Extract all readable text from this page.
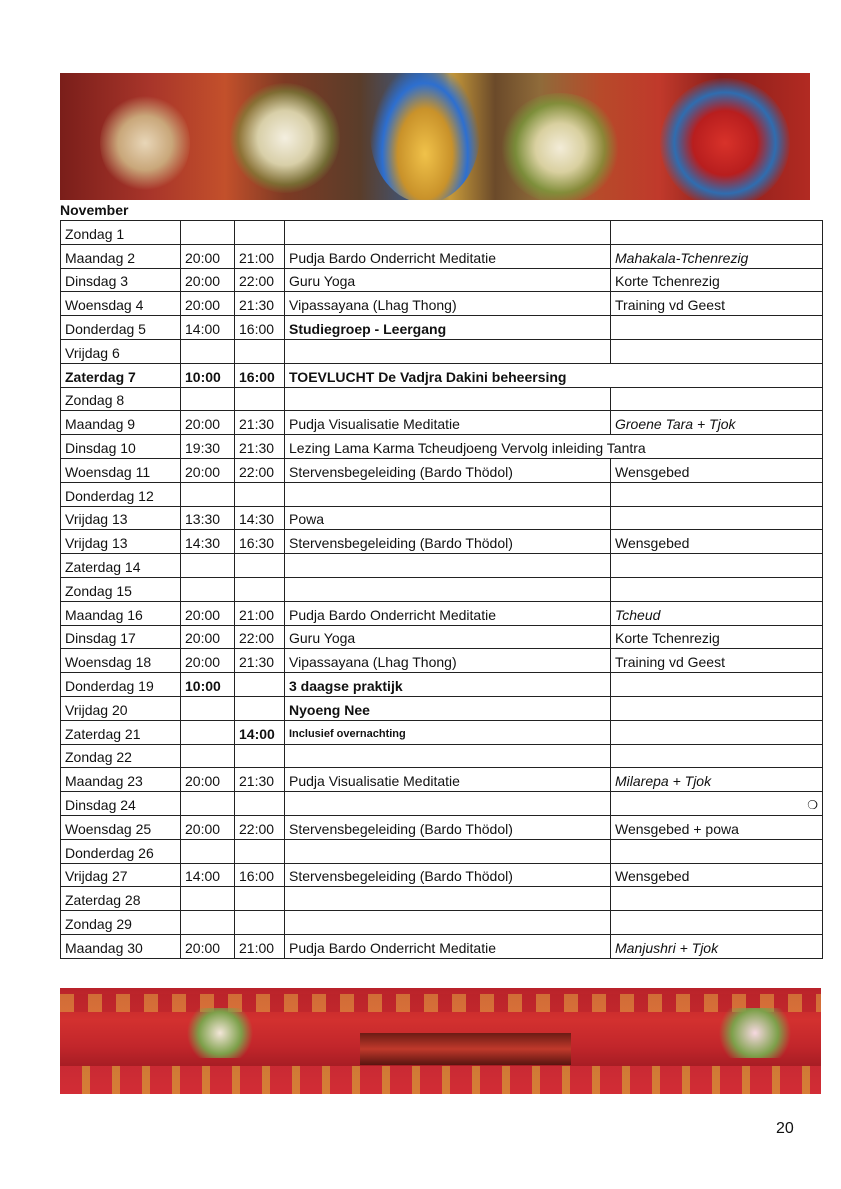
November
Zondag 1				
Maandag 2	20:00	21:00	Pudja Bardo Onderricht Meditatie	Mahakala-Tchenrezig
Dinsdag 3	20:00	22:00	Guru Yoga	Korte Tchenrezig
Woensdag 4	20:00	21:30	Vipassayana (Lhag Thong)	Training vd Geest
Donderdag 5	14:00	16:00	Studiegroep - Leergang	
Vrijdag 6				
Zaterdag 7	10:00	16:00	TOEVLUCHT De Vadjra Dakini beheersing	
Zondag 8				
Maandag 9	20:00	21:30	Pudja Visualisatie Meditatie	Groene Tara + Tjok
Dinsdag 10	19:30	21:30	Lezing Lama Karma Tcheudjoeng Vervolg inleiding Tantra	
Woensdag 11	20:00	22:00	Stervensbegeleiding (Bardo Thödol)	Wensgebed
Donderdag 12				
Vrijdag 13	13:30	14:30	Powa	
Vrijdag 13	14:30	16:30	Stervensbegeleiding (Bardo Thödol)	Wensgebed
Zaterdag 14				
Zondag 15				
Maandag 16	20:00	21:00	Pudja Bardo Onderricht Meditatie	Tcheud
Dinsdag 17	20:00	22:00	Guru Yoga	Korte Tchenrezig
Woensdag 18	20:00	21:30	Vipassayana (Lhag Thong)	Training vd Geest
Donderdag 19	10:00		3 daagse praktijk	
Vrijdag 20			Nyoeng Nee	
Zaterdag 21		14:00	Inclusief overnachting	
Zondag 22				
Maandag 23	20:00	21:30	Pudja Visualisatie Meditatie	Milarepa + Tjok
Dinsdag 24				❍

Woensdag 25	20:00	22:00	Stervensbegeleiding (Bardo Thödol)	Wensgebed + powa
Donderdag 26				
Vrijdag 27	14:00	16:00	Stervensbegeleiding (Bardo Thödol)	Wensgebed
Zaterdag 28				
Zondag 29				
Maandag 30	20:00	21:00	Pudja Bardo Onderricht Meditatie	Manjushri + Tjok
20
